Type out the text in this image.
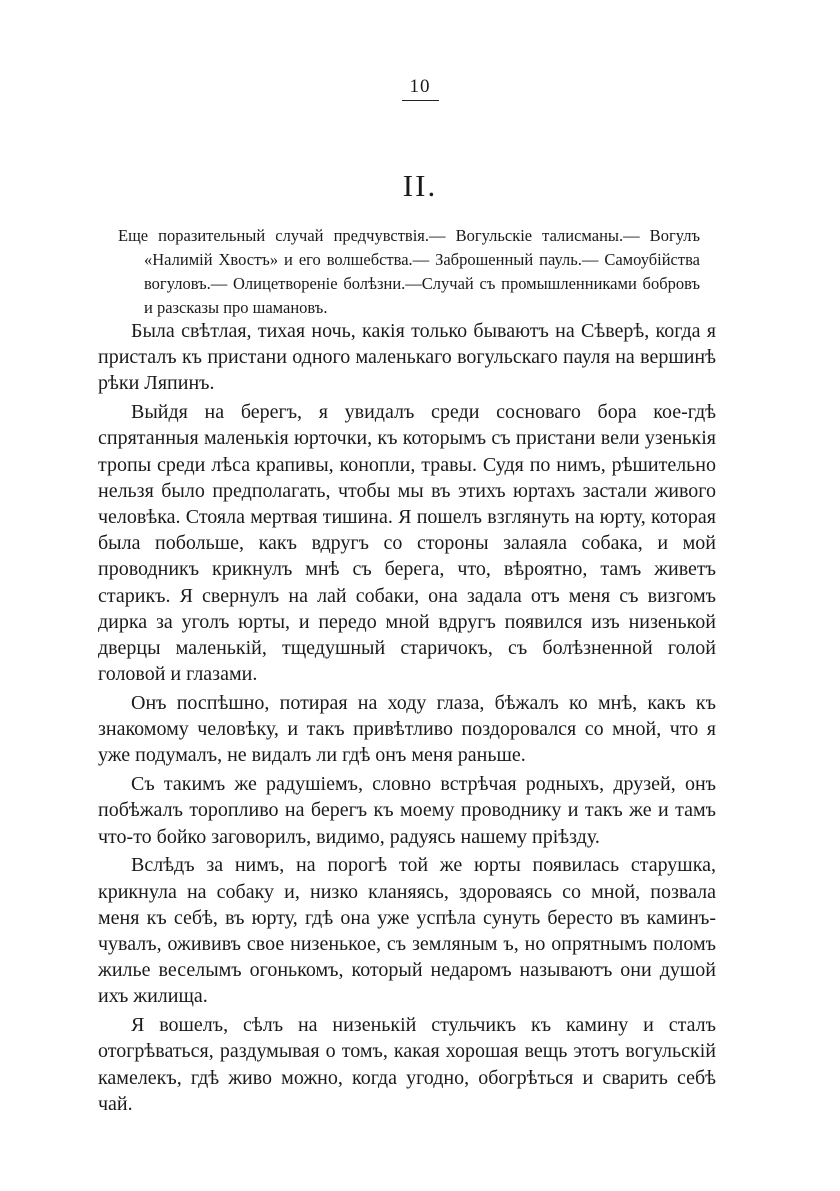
10
II.

Еще поразительный случай предчувствія.— Вогульскіе талисманы.— Вогулъ «Налимій Хвостъ» и его волшебства.— Заброшенный пауль.— Самоубійства вогуловъ.— Олицетвореніе болѣзни.—Случай съ промышленниками бобровъ и разсказы про шамановъ.

Была свѣтлая, тихая ночь, какія только бываютъ на Сѣверѣ, когда я присталъ къ пристани одного маленькаго вогульскаго пауля на вершинѣ рѣки Ляпинъ.

Выйдя на берегъ, я увидалъ среди сосноваго бора кое-гдѣ спрятанныя маленькія юрточки, къ которымъ съ пристани вели узенькія тропы среди лѣса крапивы, конопли, травы. Судя по нимъ, рѣшительно нельзя было предполагать, чтобы мы въ этихъ юртахъ застали живого человѣка. Стояла мертвая тишина. Я пошелъ взглянуть на юрту, которая была побольше, какъ вдругъ со стороны залаяла собака, и мой проводникъ крикнулъ мнѣ съ берега, что, вѣроятно, тамъ живетъ старикъ. Я свернулъ на лай собаки, она задала отъ меня съ визгомъ дирка за уголъ юрты, и передо мной вдругъ появился изъ низенькой дверцы маленькій, тщедушный старичокъ, съ болѣзненной голой головой и глазами.

Онъ поспѣшно, потирая на ходу глаза, бѣжалъ ко мнѣ, какъ къ знакомому человѣку, и такъ привѣтливо поздоровался со мной, что я уже подумалъ, не видалъ ли гдѣ онъ меня раньше.

Съ такимъ же радушіемъ, словно встрѣчая родныхъ, друзей, онъ побѣжалъ торопливо на берегъ къ моему проводнику и такъ же и тамъ что-то бойко заговорилъ, видимо, радуясь нашему пріѣзду.

Вслѣдъ за нимъ, на порогѣ той же юрты появилась старушка, крикнула на собаку и, низко кланяясь, здороваясь со мной, позвала меня къ себѣ, въ юрту, гдѣ она уже успѣла сунуть бересто въ каминъ-чувалъ, ожививъ свое низенькое, съ земляным ъ, но опрятнымъ поломъ жилье веселымъ огонькомъ, который недаромъ называютъ они душой ихъ жилища.

Я вошелъ, сѣлъ на низенькій стульчикъ къ камину и сталъ отогрѣваться, раздумывая о томъ, какая хорошая вещь этотъ вогульскій камелекъ, гдѣ живо можно, когда угодно, обогрѣться и сварить себѣ чай.
